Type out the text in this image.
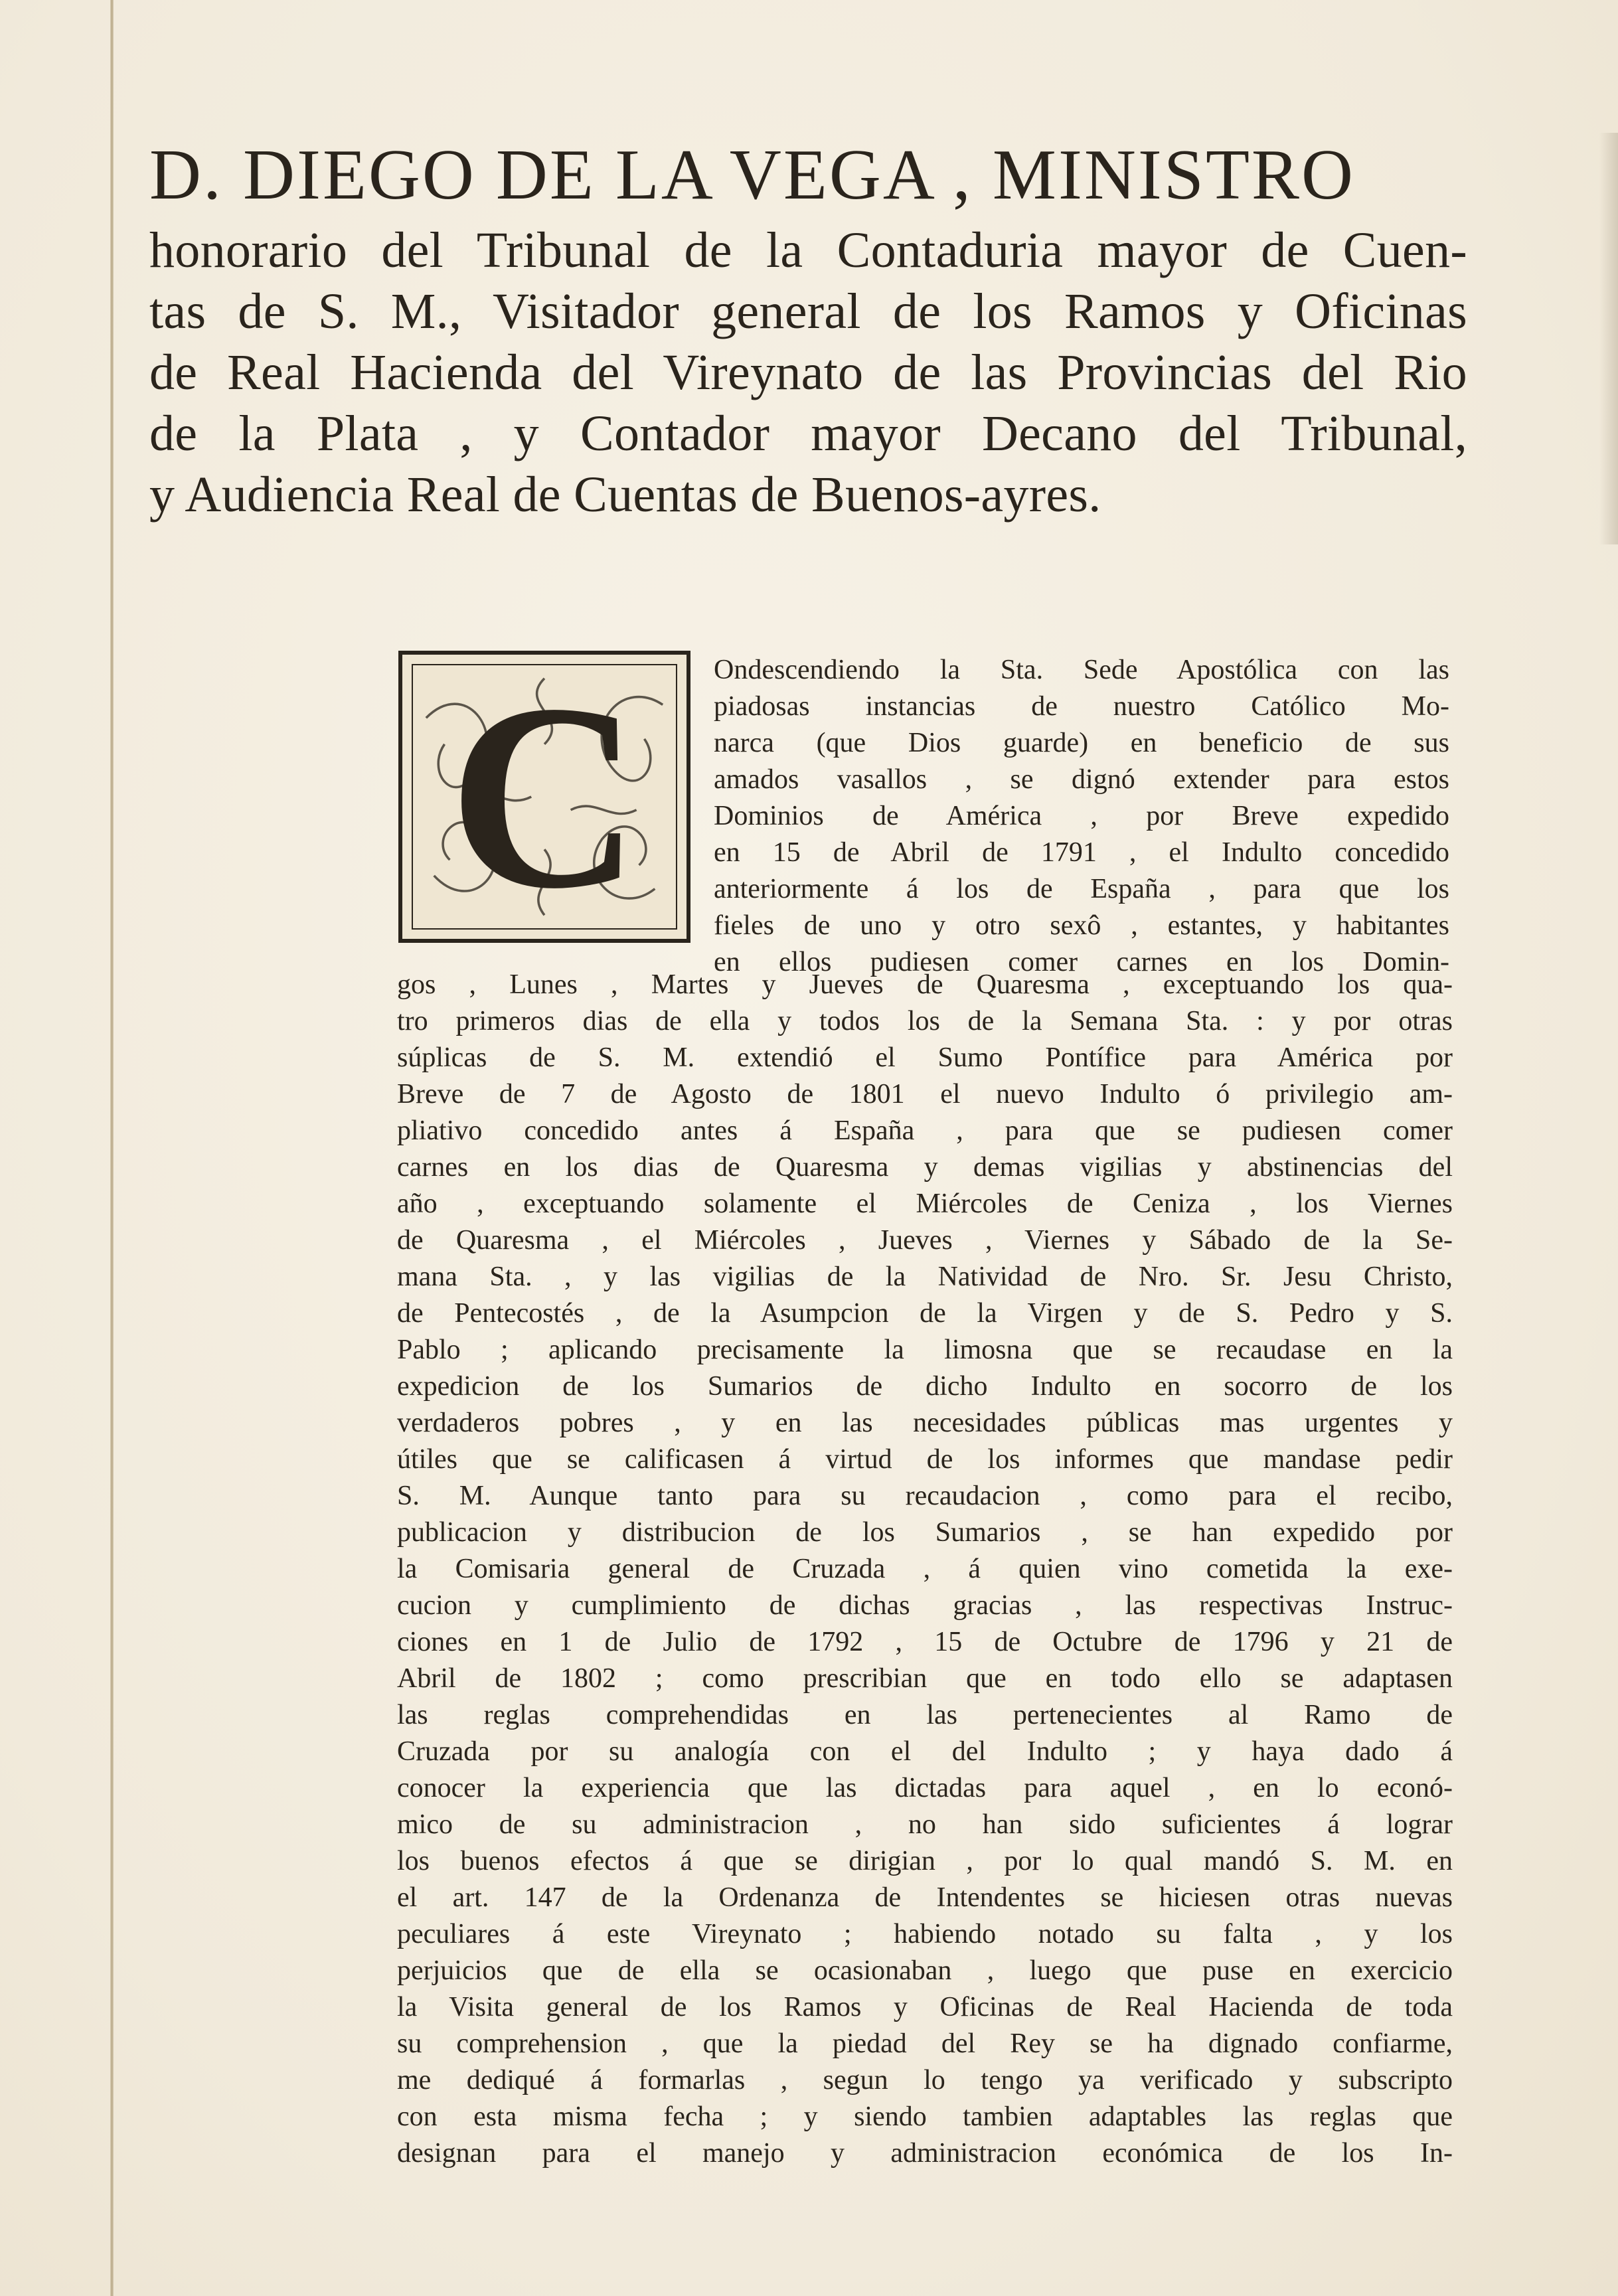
D. DIEGO DE LA VEGA , MINISTRO
honorario del Tribunal de la Contaduria mayor de Cuen-
tas de S. M., Visitador general de los Ramos y Oficinas
de Real Hacienda del Vireynato de las Provincias del Rio
de la Plata , y Contador mayor Decano del Tribunal,
y Audiencia Real de Cuentas de Buenos-ayres.
C	Ondescendiendo la Sta. Sede Apostólica con las
piadosas instancias de nuestro Católico Mo-
narca (que Dios guarde) en beneficio de sus
amados vasallos , se dignó extender para estos
Dominios de América , por Breve expedido
en 15 de Abril de 1791 , el Indulto concedido
anteriormente á los de España , para que los
fieles de uno y otro sexô , estantes, y habitantes
en ellos pudiesen comer carnes en los Domin-
gos , Lunes , Martes y Jueves de Quaresma , exceptuando los qua-
tro primeros dias de ella y todos los de la Semana Sta. : y por otras
súplicas de S. M. extendió el Sumo Pontífice para América por
Breve de 7 de Agosto de 1801 el nuevo Indulto ó privilegio am-
pliativo concedido antes á España , para que se pudiesen comer
carnes en los dias de Quaresma y demas vigilias y abstinencias del
año , exceptuando solamente el Miércoles de Ceniza , los Viernes
de Quaresma , el Miércoles , Jueves , Viernes y Sábado de la Se-
mana Sta. , y las vigilias de la Natividad de Nro. Sr. Jesu Christo,
de Pentecostés , de la Asumpcion de la Virgen y de S. Pedro y S.
Pablo ; aplicando precisamente la limosna que se recaudase en la
expedicion de los Sumarios de dicho Indulto en socorro de los
verdaderos pobres , y en las necesidades públicas mas urgentes y
útiles que se calificasen á virtud de los informes que mandase pedir
S. M. Aunque tanto para su recaudacion , como para el recibo,
publicacion y distribucion de los Sumarios , se han expedido por
la Comisaria general de Cruzada , á quien vino cometida la exe-
cucion y cumplimiento de dichas gracias , las respectivas Instruc-
ciones en 1 de Julio de 1792 , 15 de Octubre de 1796 y 21 de
Abril de 1802 ; como prescribian que en todo ello se adaptasen
las reglas comprehendidas en las pertenecientes al Ramo de
Cruzada por su analogía con el del Indulto ; y haya dado á
conocer la experiencia que las dictadas para aquel , en lo econó-
mico de su administracion , no han sido suficientes á lograr
los buenos efectos á que se dirigian , por lo qual mandó S. M. en
el art. 147 de la Ordenanza de Intendentes se hiciesen otras nuevas
peculiares á este Vireynato ; habiendo notado su falta , y los
perjuicios que de ella se ocasionaban , luego que puse en exercicio
la Visita general de los Ramos y Oficinas de Real Hacienda de toda
su comprehension , que la piedad del Rey se ha dignado confiarme,
me dediqué á formarlas , segun lo tengo ya verificado y subscripto
con esta misma fecha ; y siendo tambien adaptables las reglas que
designan para el manejo y administracion económica de los In-
